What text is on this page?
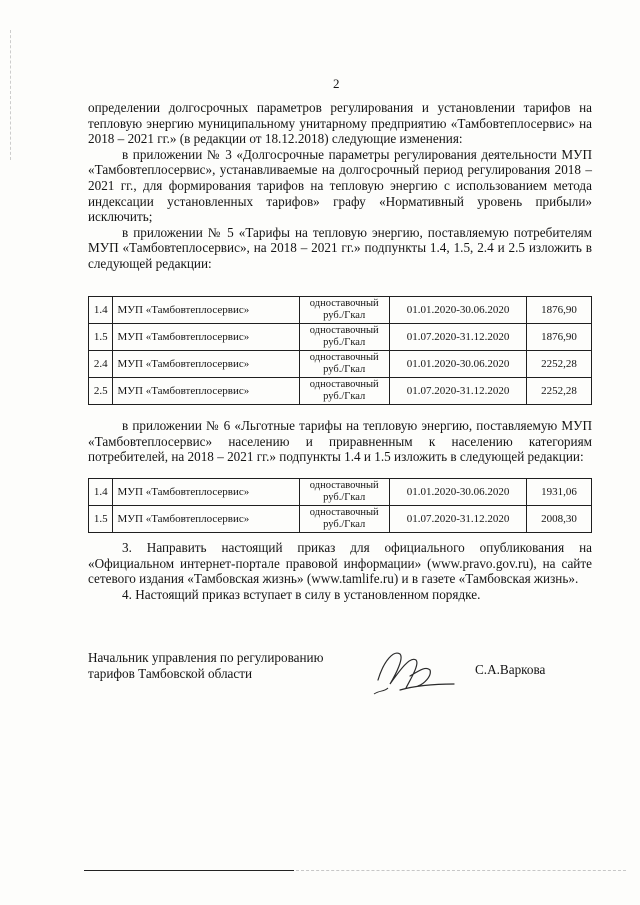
2

определении долгосрочных параметров регулирования и установлении тарифов на тепловую энергию муниципальному унитарному предприятию «Тамбовтеплосервис» на 2018 – 2021 гг.» (в редакции от 18.12.2018) следующие изменения:

в приложении № 3 «Долгосрочные параметры регулирования деятельности МУП «Тамбовтеплосервис», устанавливаемые на долгосрочный период регулирования 2018 – 2021 гг., для формирования тарифов на тепловую энергию с использованием метода индексации установленных тарифов» графу «Нормативный уровень прибыли» исключить;

в приложении № 5 «Тарифы на тепловую энергию, поставляемую потребителям МУП «Тамбовтеплосервис», на 2018 – 2021 гг.» подпункты 1.4, 1.5, 2.4 и 2.5 изложить в следующей редакции:

1.4	МУП «Тамбовтеплосервис»	одноставочный руб./Гкал	01.01.2020-30.06.2020	1876,90
1.5	МУП «Тамбовтеплосервис»	одноставочный руб./Гкал	01.07.2020-31.12.2020	1876,90
2.4	МУП «Тамбовтеплосервис»	одноставочный руб./Гкал	01.01.2020-30.06.2020	2252,28
2.5	МУП «Тамбовтеплосервис»	одноставочный руб./Гкал	01.07.2020-31.12.2020	2252,28

в приложении № 6 «Льготные тарифы на тепловую энергию, поставляемую МУП «Тамбовтеплосервис» населению и приравненным к населению категориям потребителей, на 2018 – 2021 гг.» подпункты 1.4 и 1.5 изложить в следующей редакции:

1.4	МУП «Тамбовтеплосервис»	одноставочный руб./Гкал	01.01.2020-30.06.2020	1931,06
1.5	МУП «Тамбовтеплосервис»	одноставочный руб./Гкал	01.07.2020-31.12.2020	2008,30

3. Направить настоящий приказ для официального опубликования на «Официальном интернет-портале правовой информации» (www.pravo.gov.ru), на сайте сетевого издания «Тамбовская жизнь» (www.tamlife.ru) и в газете «Тамбовская жизнь».

4. Настоящий приказ вступает в силу в установленном порядке.

Начальник управления по регулированию
тарифов Тамбовской области	С.А.Варкова
